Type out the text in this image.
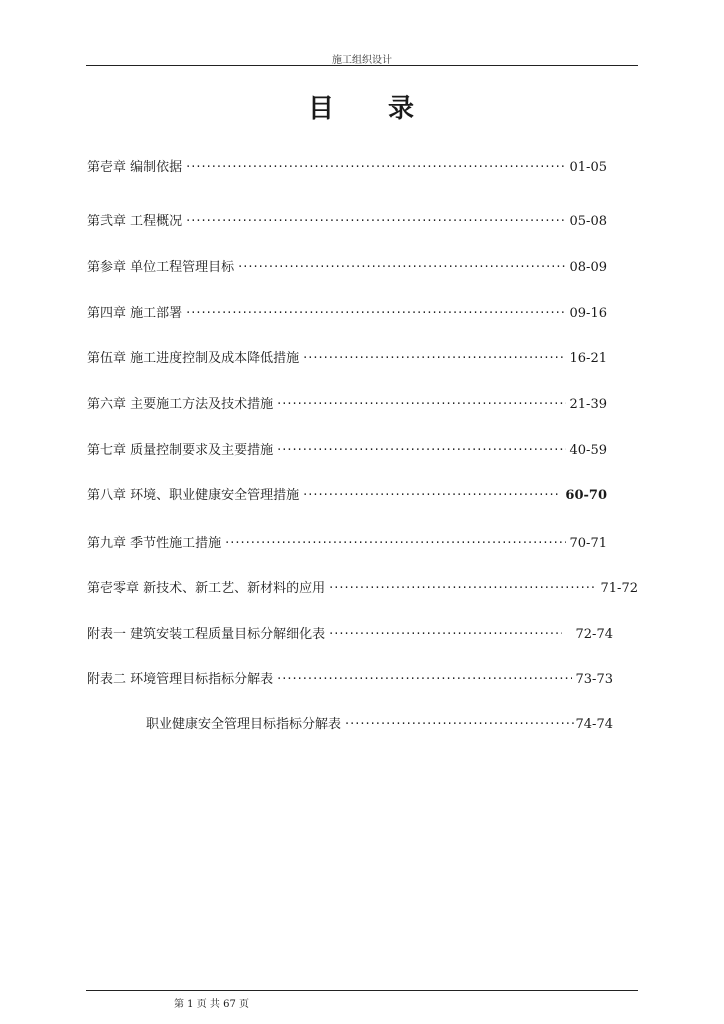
施工组织设计
目 录
第壱章 编制依据 ·····	01-05
第弐章 工程概况 ·····	05-08
第参章 单位工程管理目标 ·····	08-09
第四章 施工部署 ·····	09-16
第伍章 施工进度控制及成本降低措施 ·····	16-21
第六章 主要施工方法及技术措施 ·····	21-39
第七章 质量控制要求及主要措施 ·····	40-59
第八章 环境、职业健康安全管理措施 ·····	60-70
第九章 季节性施工措施 ·····	70-71
第壱零章 新技术、新工艺、新材料的应用 ·····	71-72
附表一 建筑安装工程质量目标分解细化表 ·····	72-74
附表二 环境管理目标指标分解表 ·····	73-73
职业健康安全管理目标指标分解表 ·····	74-74
第 1 页 共 67 页
